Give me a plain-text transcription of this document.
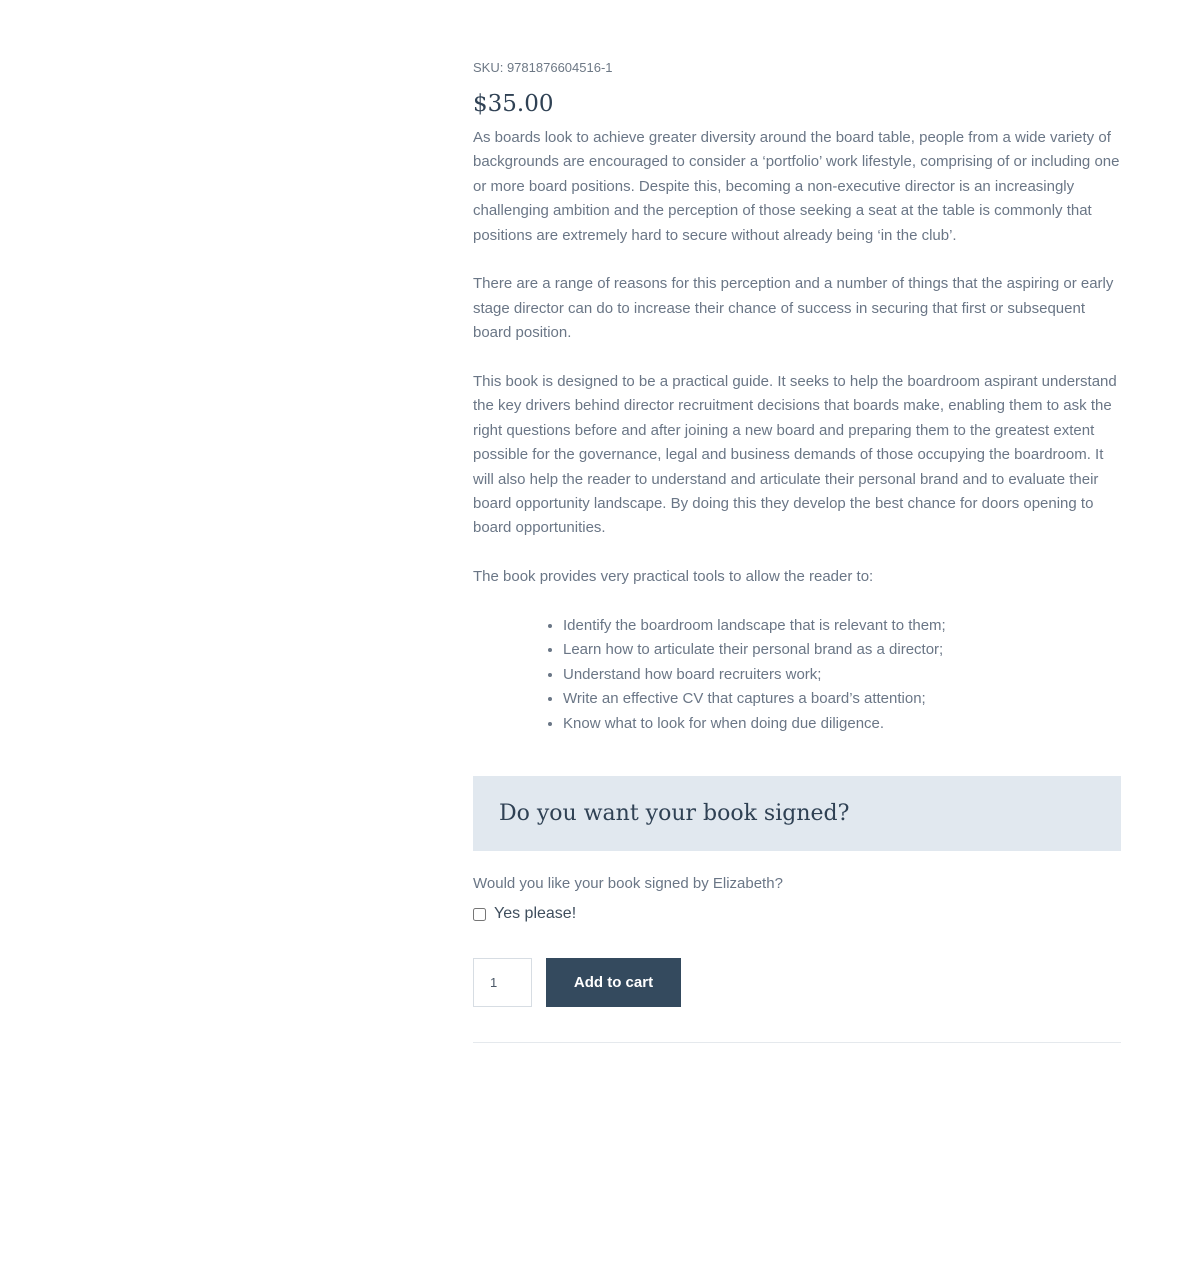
SKU: 9781876604516-1

$35.00

As boards look to achieve greater diversity around the board table, people from a wide variety of backgrounds are encouraged to consider a ‘portfolio’ work lifestyle, comprising of or including one or more board positions. Despite this, becoming a non-executive director is an increasingly challenging ambition and the perception of those seeking a seat at the table is commonly that positions are extremely hard to secure without already being ‘in the club’.

There are a range of reasons for this perception and a number of things that the aspiring or early stage director can do to increase their chance of success in securing that first or subsequent board position.

This book is designed to be a practical guide. It seeks to help the boardroom aspirant understand the key drivers behind director recruitment decisions that boards make, enabling them to ask the right questions before and after joining a new board and preparing them to the greatest extent possible for the governance, legal and business demands of those occupying the boardroom. It will also help the reader to understand and articulate their personal brand and to evaluate their board opportunity landscape. By doing this they develop the best chance for doors opening to board opportunities.

The book provides very practical tools to allow the reader to:

• Identify the boardroom landscape that is relevant to them;
• Learn how to articulate their personal brand as a director;
• Understand how board recruiters work;
• Write an effective CV that captures a board’s attention;
• Know what to look for when doing due diligence.
Do you want your book signed?
Would you like your book signed by Elizabeth?
Yes please!
1
Add to cart
